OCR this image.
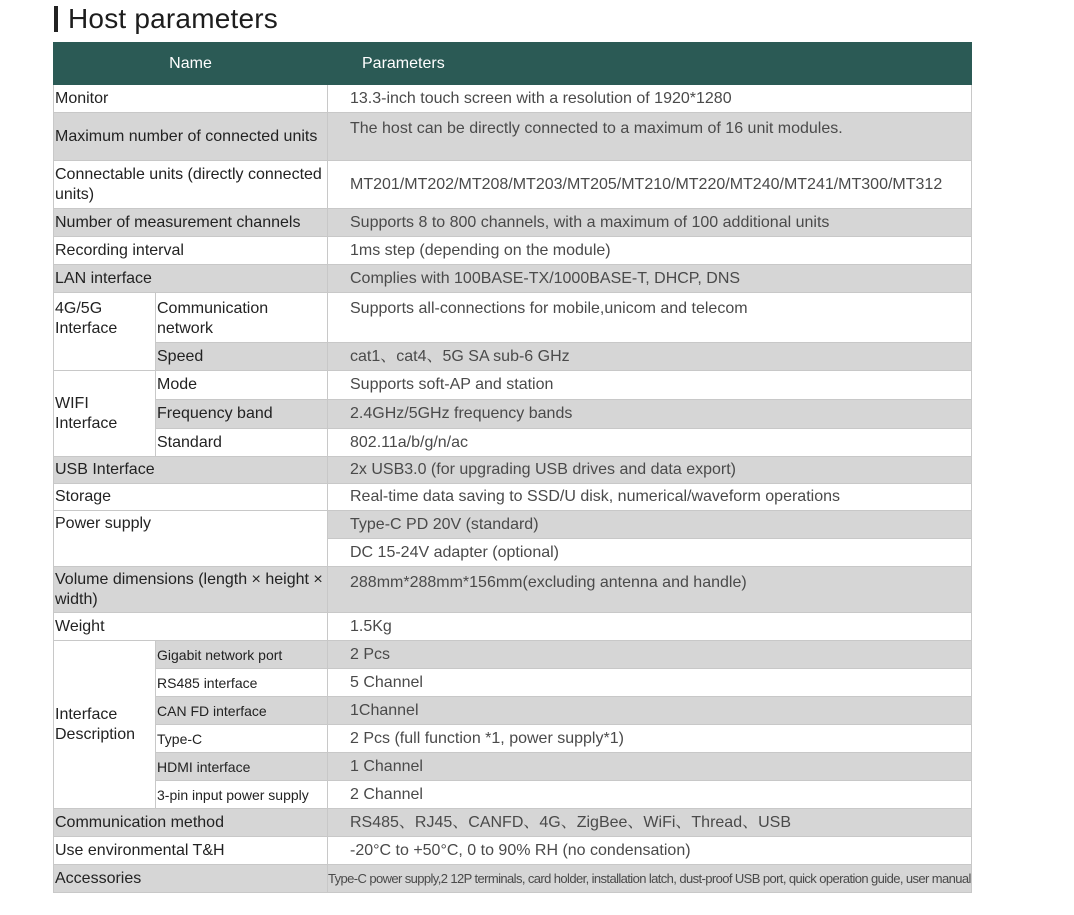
Host parameters
Name		Parameters
Monitor		13.3-inch touch screen with a resolution of 1920*1280
Maximum number of connected units		The host can be directly connected to a maximum of 16 unit modules.
Connectable units (directly connected units)		MT201/MT202/MT208/MT203/MT205/MT210/MT220/MT240/MT241/MT300/MT312
Number of measurement channels		Supports 8 to 800 channels, with a maximum of 100 additional units
Recording interval		1ms step (depending on the module)
LAN interface		Complies with 100BASE-TX/1000BASE-T, DHCP, DNS
4G/5G Interface	Communication network	Supports all-connections for mobile,unicom and telecom
	Speed	cat1、cat4、5G SA sub-6 GHz
WIFI Interface	Mode	Supports soft-AP and station
	Frequency band	2.4GHz/5GHz frequency bands
	Standard	802.11a/b/g/n/ac
USB Interface		2x USB3.0 (for upgrading USB drives and data export)
Storage		Real-time data saving to SSD/U disk, numerical/waveform operations
Power supply		Type-C PD 20V (standard)
		DC 15-24V adapter (optional)
Volume dimensions (length × height × width)		288mm*288mm*156mm(excluding antenna and handle)
Weight		1.5Kg
Interface Description	Gigabit network port	2 Pcs
	RS485 interface	5 Channel
	CAN FD interface	1Channel
	Type-C	2 Pcs (full function *1, power supply*1)
	HDMI interface	1 Channel
	3-pin input power supply	2 Channel
Communication method		RS485、RJ45、CANFD、4G、ZigBee、WiFi、Thread、USB
Use environmental T&H		-20°C to +50°C, 0 to 90% RH (no condensation)
Accessories		Type-C power supply,2 12P terminals, card holder, installation latch, dust-proof USB port, quick operation guide, user manual
